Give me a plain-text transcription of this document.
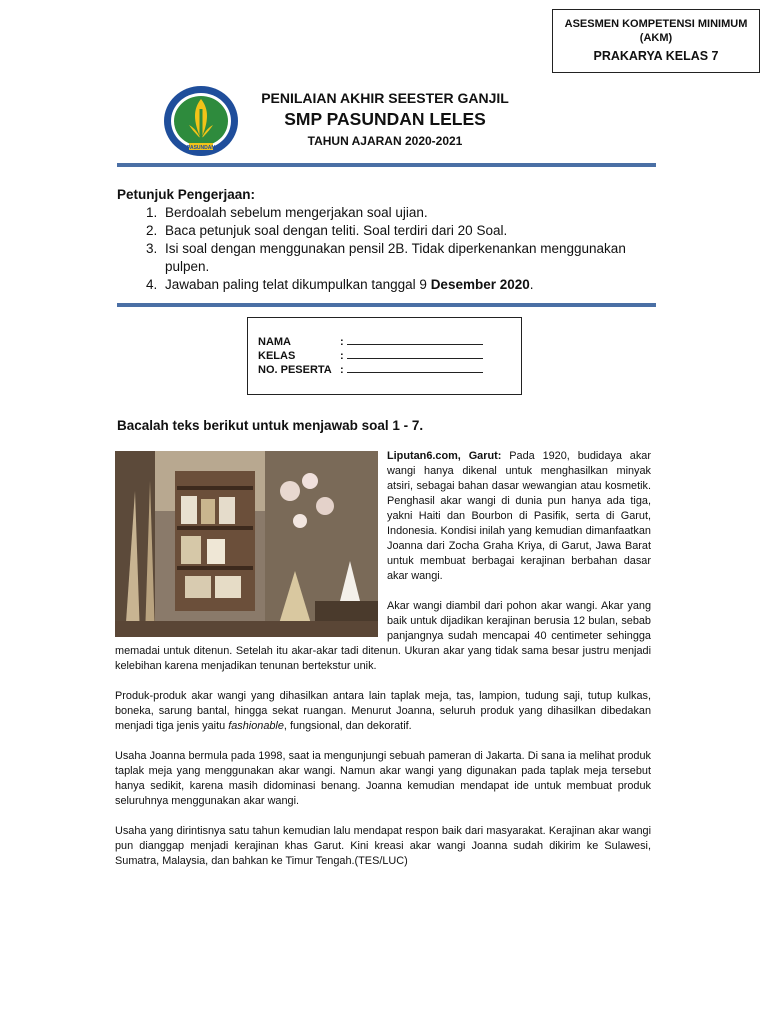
ASESMEN KOMPETENSI MINIMUM
(AKM)
PRAKARYA KELAS 7
PASUNDAN
PENILAIAN AKHIR SEESTER GANJIL
SMP PASUNDAN LELES
TAHUN AJARAN 2020-2021
Petunjuk Pengerjaan:
1. Berdoalah sebelum mengerjakan soal ujian.
2. Baca petunjuk soal dengan teliti. Soal terdiri dari 20 Soal.
3. Isi soal dengan menggunakan pensil 2B. Tidak diperkenankan menggunakan pulpen.
4. Jawaban paling telat dikumpulkan tanggal 9 Desember 2020.
NAMA	:
KELAS	:
NO. PESERTA :
Bacalah teks berikut untuk menjawab soal 1 - 7.

Liputan6.com, Garut: Pada 1920, budidaya akar wangi hanya dikenal untuk menghasilkan minyak atsiri, sebagai bahan dasar wewangian atau kosmetik. Penghasil akar wangi di dunia pun hanya ada tiga, yakni Haiti dan Bourbon di Pasifik, serta di Garut, Indonesia. Kondisi inilah yang kemudian dimanfaatkan Joanna dari Zocha Graha Kriya, di Garut, Jawa Barat untuk membuat berbagai kerajinan berbahan dasar akar wangi.

Akar wangi diambil dari pohon akar wangi. Akar yang baik untuk dijadikan kerajinan berusia 12 bulan, sebab panjangnya sudah mencapai 40 centimeter sehingga memadai untuk ditenun. Setelah itu akar-akar tadi ditenun. Ukuran akar yang tidak sama besar justru menjadi kelebihan karena menjadikan tenunan bertekstur unik.

Produk-produk akar wangi yang dihasilkan antara lain taplak meja, tas, lampion, tudung saji, tutup kulkas, boneka, sarung bantal, hingga sekat ruangan. Menurut Joanna, seluruh produk yang dihasilkan dibedakan menjadi tiga jenis yaitu fashionable, fungsional, dan dekoratif.

Usaha Joanna bermula pada 1998, saat ia mengunjungi sebuah pameran di Jakarta. Di sana ia melihat produk taplak meja yang menggunakan akar wangi. Namun akar wangi yang digunakan pada taplak meja tersebut hanya sedikit, karena masih didominasi benang. Joanna kemudian mendapat ide untuk membuat produk seluruhnya menggunakan akar wangi.

Usaha yang dirintisnya satu tahun kemudian lalu mendapat respon baik dari masyarakat. Kerajinan akar wangi pun dianggap menjadi kerajinan khas Garut. Kini kreasi akar wangi Joanna sudah dikirim ke Sulawesi, Sumatra, Malaysia, dan bahkan ke Timur Tengah.(TES/LUC)
